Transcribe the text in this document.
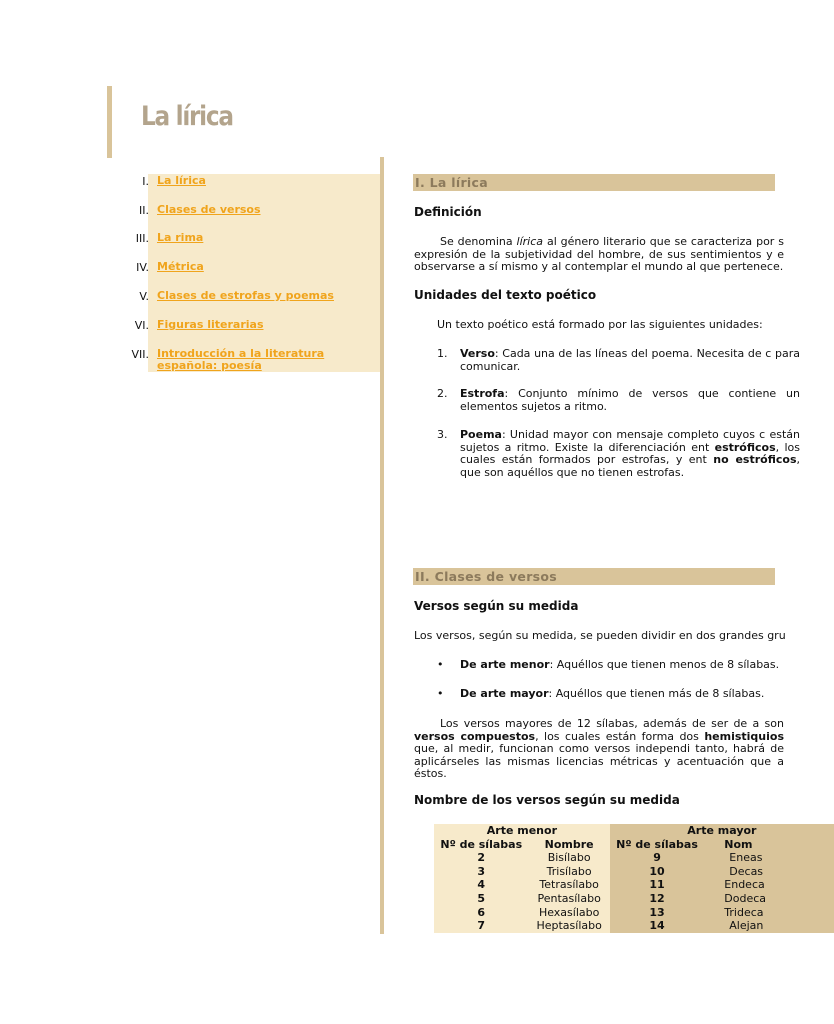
La lírica
I. La lírica
II. Clases de versos
III. La rima
IV. Métrica
V. Clases de estrofas y poemas
VI. Figuras literarias
VII. Introducción a la literatura española: poesía
I. La lírica
Definición

Se denomina lírica al género literario que se caracteriza por s expresión de la subjetividad del hombre, de sus sentimientos y e observarse a sí mismo y al contemplar el mundo al que pertenece.

Unidades del texto poético

Un texto poético está formado por las siguientes unidades:

1.	Verso: Cada una de las líneas del poema. Necesita de c para comunicar.
2.	Estrofa: Conjunto mínimo de versos que contiene un elementos sujetos a ritmo.
3.	Poema: Unidad mayor con mensaje completo cuyos c están sujetos a ritmo. Existe la diferenciación ent estróficos, los cuales están formados por estrofas, y ent no estróficos, que son aquéllos que no tienen estrofas.
II. Clases de versos
Versos según su medida

Los versos, según su medida, se pueden dividir en dos grandes gru

• De arte menor: Aquéllos que tienen menos de 8 sílabas.
• De arte mayor: Aquéllos que tienen más de 8 sílabas.

Los versos mayores de 12 sílabas, además de ser de a son versos compuestos, los cuales están forma dos hemistiquios que, al medir, funcionan como versos independi tanto, habrá de aplicárseles las mismas licencias métricas y acentuación que a éstos.

Nombre de los versos según su medida
Arte menor		Arte mayor	
Nº de sílabas	Nombre	Nº de sílabas	Nom
2	Bisílabo	9	Eneas
3	Trisílabo	10	Decas
4	Tetrasílabo	11	Endeca
5	Pentasílabo	12	Dodeca
6	Hexasílabo	13	Trideca
7	Heptasílabo	14	Alejan
